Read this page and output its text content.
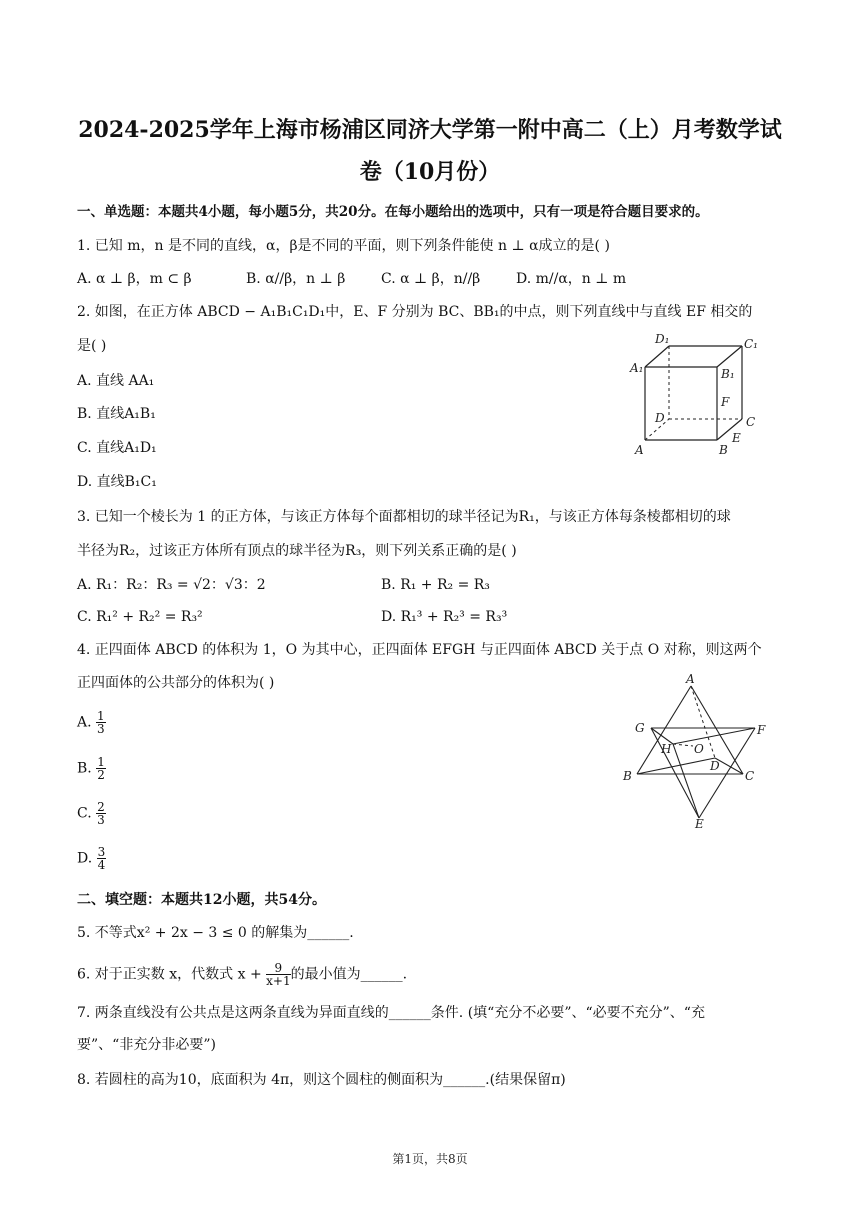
2024-2025学年上海市杨浦区同济大学第一附中高二（上）月考数学试
卷（10月份）
一、单选题：本题共4小题，每小题5分，共20分。在每小题给出的选项中，只有一项是符合题目要求的。
1. 已知 m，n 是不同的直线，α，β是不同的平面，则下列条件能使 n ⊥ α成立的是( )
A. α ⊥ β，m ⊂ β	B. α//β，n ⊥ β	C. α ⊥ β，n//β	D. m//α，n ⊥ m
2. 如图，在正方体 ABCD − A₁B₁C₁D₁中，E、F 分别为 BC、BB₁的中点，则下列直线中与直线 EF 相交的
是( )
A. 直线 AA₁
B. 直线A₁B₁
C. 直线A₁D₁
D. 直线B₁C₁
D₁	C₁
A₁	B₁
F
D	C
A	B
E
3. 已知一个棱长为 1 的正方体，与该正方体每个面都相切的球半径记为R₁，与该正方体每条棱都相切的球
半径为R₂，过该正方体所有顶点的球半径为R₃，则下列关系正确的是( )
A. R₁：R₂：R₃ = √2：√3：2	B. R₁ + R₂ = R₃
C. R₁² + R₂² = R₃²	D. R₁³ + R₂³ = R₃³
4. 正四面体 ABCD 的体积为 1，O 为其中心，正四面体 EFGH 与正四面体 ABCD 关于点 O 对称，则这两个
正四面体的公共部分的体积为( )
A. $\frac{1}{3}$
B. $\frac{1}{2}$
C. $\frac{2}{3}$
D. $\frac{3}{4}$
A
G	F
H O
D
B	C
E
二、填空题：本题共12小题，共54分。
5. 不等式x² + 2x − 3 ≤ 0 的解集为______.
6. 对于正实数 x，代数式 $x + \frac{9}{x+1}$ 的最小值为______.
7. 两条直线没有公共点是这两条直线为异面直线的______条件. (填“充分不必要”、“必要不充分”、“充
要”、“非充分非必要”)
8. 若圆柱的高为10，底面积为 4π，则这个圆柱的侧面积为______.(结果保留π)
第1页，共8页
